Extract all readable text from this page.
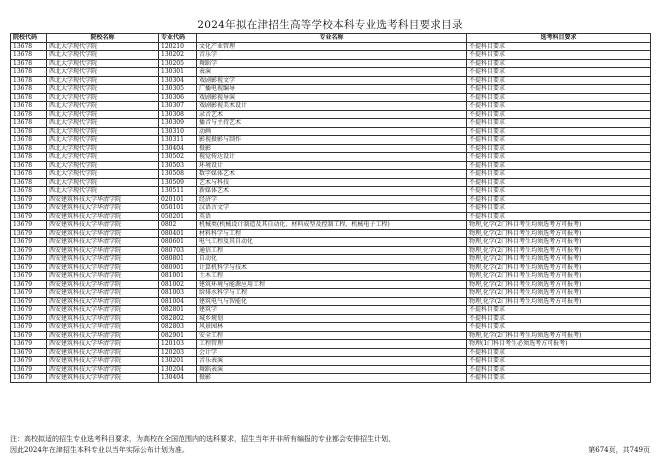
2024年拟在津招生高等学校本科专业选考科目要求目录
院校代码	院校名称	专业代码	专业名称	选考科目要求
13678	西北大学现代学院	120210	文化产业管理	不提科目要求
13678	西北大学现代学院	130202	音乐学	不提科目要求
13678	西北大学现代学院	130205	舞蹈学	不提科目要求
13678	西北大学现代学院	130301	表演	不提科目要求
13678	西北大学现代学院	130304	戏剧影视文学	不提科目要求
13678	西北大学现代学院	130305	广播电视编导	不提科目要求
13678	西北大学现代学院	130306	戏剧影视导演	不提科目要求
13678	西北大学现代学院	130307	戏剧影视美术设计	不提科目要求
13678	西北大学现代学院	130308	录音艺术	不提科目要求
13678	西北大学现代学院	130309	播音与主持艺术	不提科目要求
13678	西北大学现代学院	130310	动画	不提科目要求
13678	西北大学现代学院	130311	影视摄影与制作	不提科目要求
13678	西北大学现代学院	130404	摄影	不提科目要求
13678	西北大学现代学院	130502	视觉传达设计	不提科目要求
13678	西北大学现代学院	130503	环境设计	不提科目要求
13678	西北大学现代学院	130508	数字媒体艺术	不提科目要求
13678	西北大学现代学院	130509	艺术与科技	不提科目要求
13678	西北大学现代学院	130511	新媒体艺术	不提科目要求
13679	西安建筑科技大学华清学院	020101	经济学	不提科目要求
13679	西安建筑科技大学华清学院	050101	汉语言文学	不提科目要求
13679	西安建筑科技大学华清学院	050201	英语	不提科目要求
13679	西安建筑科技大学华清学院	0802	机械类(机械设计制造及其自动化、材料成型及控制工程、机械电子工程)	物理,化学(2门科目考生均须选考方可报考)
13679	西安建筑科技大学华清学院	080401	材料科学与工程	物理,化学(2门科目考生均须选考方可报考)
13679	西安建筑科技大学华清学院	080601	电气工程及其自动化	物理,化学(2门科目考生均须选考方可报考)
13679	西安建筑科技大学华清学院	080703	通信工程	物理,化学(2门科目考生均须选考方可报考)
13679	西安建筑科技大学华清学院	080801	自动化	物理,化学(2门科目考生均须选考方可报考)
13679	西安建筑科技大学华清学院	080901	计算机科学与技术	物理,化学(2门科目考生均须选考方可报考)
13679	西安建筑科技大学华清学院	081001	土木工程	物理,化学(2门科目考生均须选考方可报考)
13679	西安建筑科技大学华清学院	081002	建筑环境与能源应用工程	物理,化学(2门科目考生均须选考方可报考)
13679	西安建筑科技大学华清学院	081003	给排水科学与工程	物理,化学(2门科目考生均须选考方可报考)
13679	西安建筑科技大学华清学院	081004	建筑电气与智能化	物理,化学(2门科目考生均须选考方可报考)
13679	西安建筑科技大学华清学院	082801	建筑学	不提科目要求
13679	西安建筑科技大学华清学院	082802	城乡规划	不提科目要求
13679	西安建筑科技大学华清学院	082803	风景园林	不提科目要求
13679	西安建筑科技大学华清学院	082901	安全工程	物理,化学(2门科目考生均须选考方可报考)
13679	西安建筑科技大学华清学院	120103	工程管理	物理(1门科目考生必须选考方可报考)
13679	西安建筑科技大学华清学院	120203	会计学	不提科目要求
13679	西安建筑科技大学华清学院	130201	音乐表演	不提科目要求
13679	西安建筑科技大学华清学院	130204	舞蹈表演	不提科目要求
13679	西安建筑科技大学华清学院	130404	摄影	不提科目要求
注：高校拟适的招生专业选考科目要求，为高校在全国范围内的选科要求，招生当年并非所有编报的专业都会安排招生计划，
因此2024年在津招生本科专业以当年实际公布计划为准。	第674页，共749页
